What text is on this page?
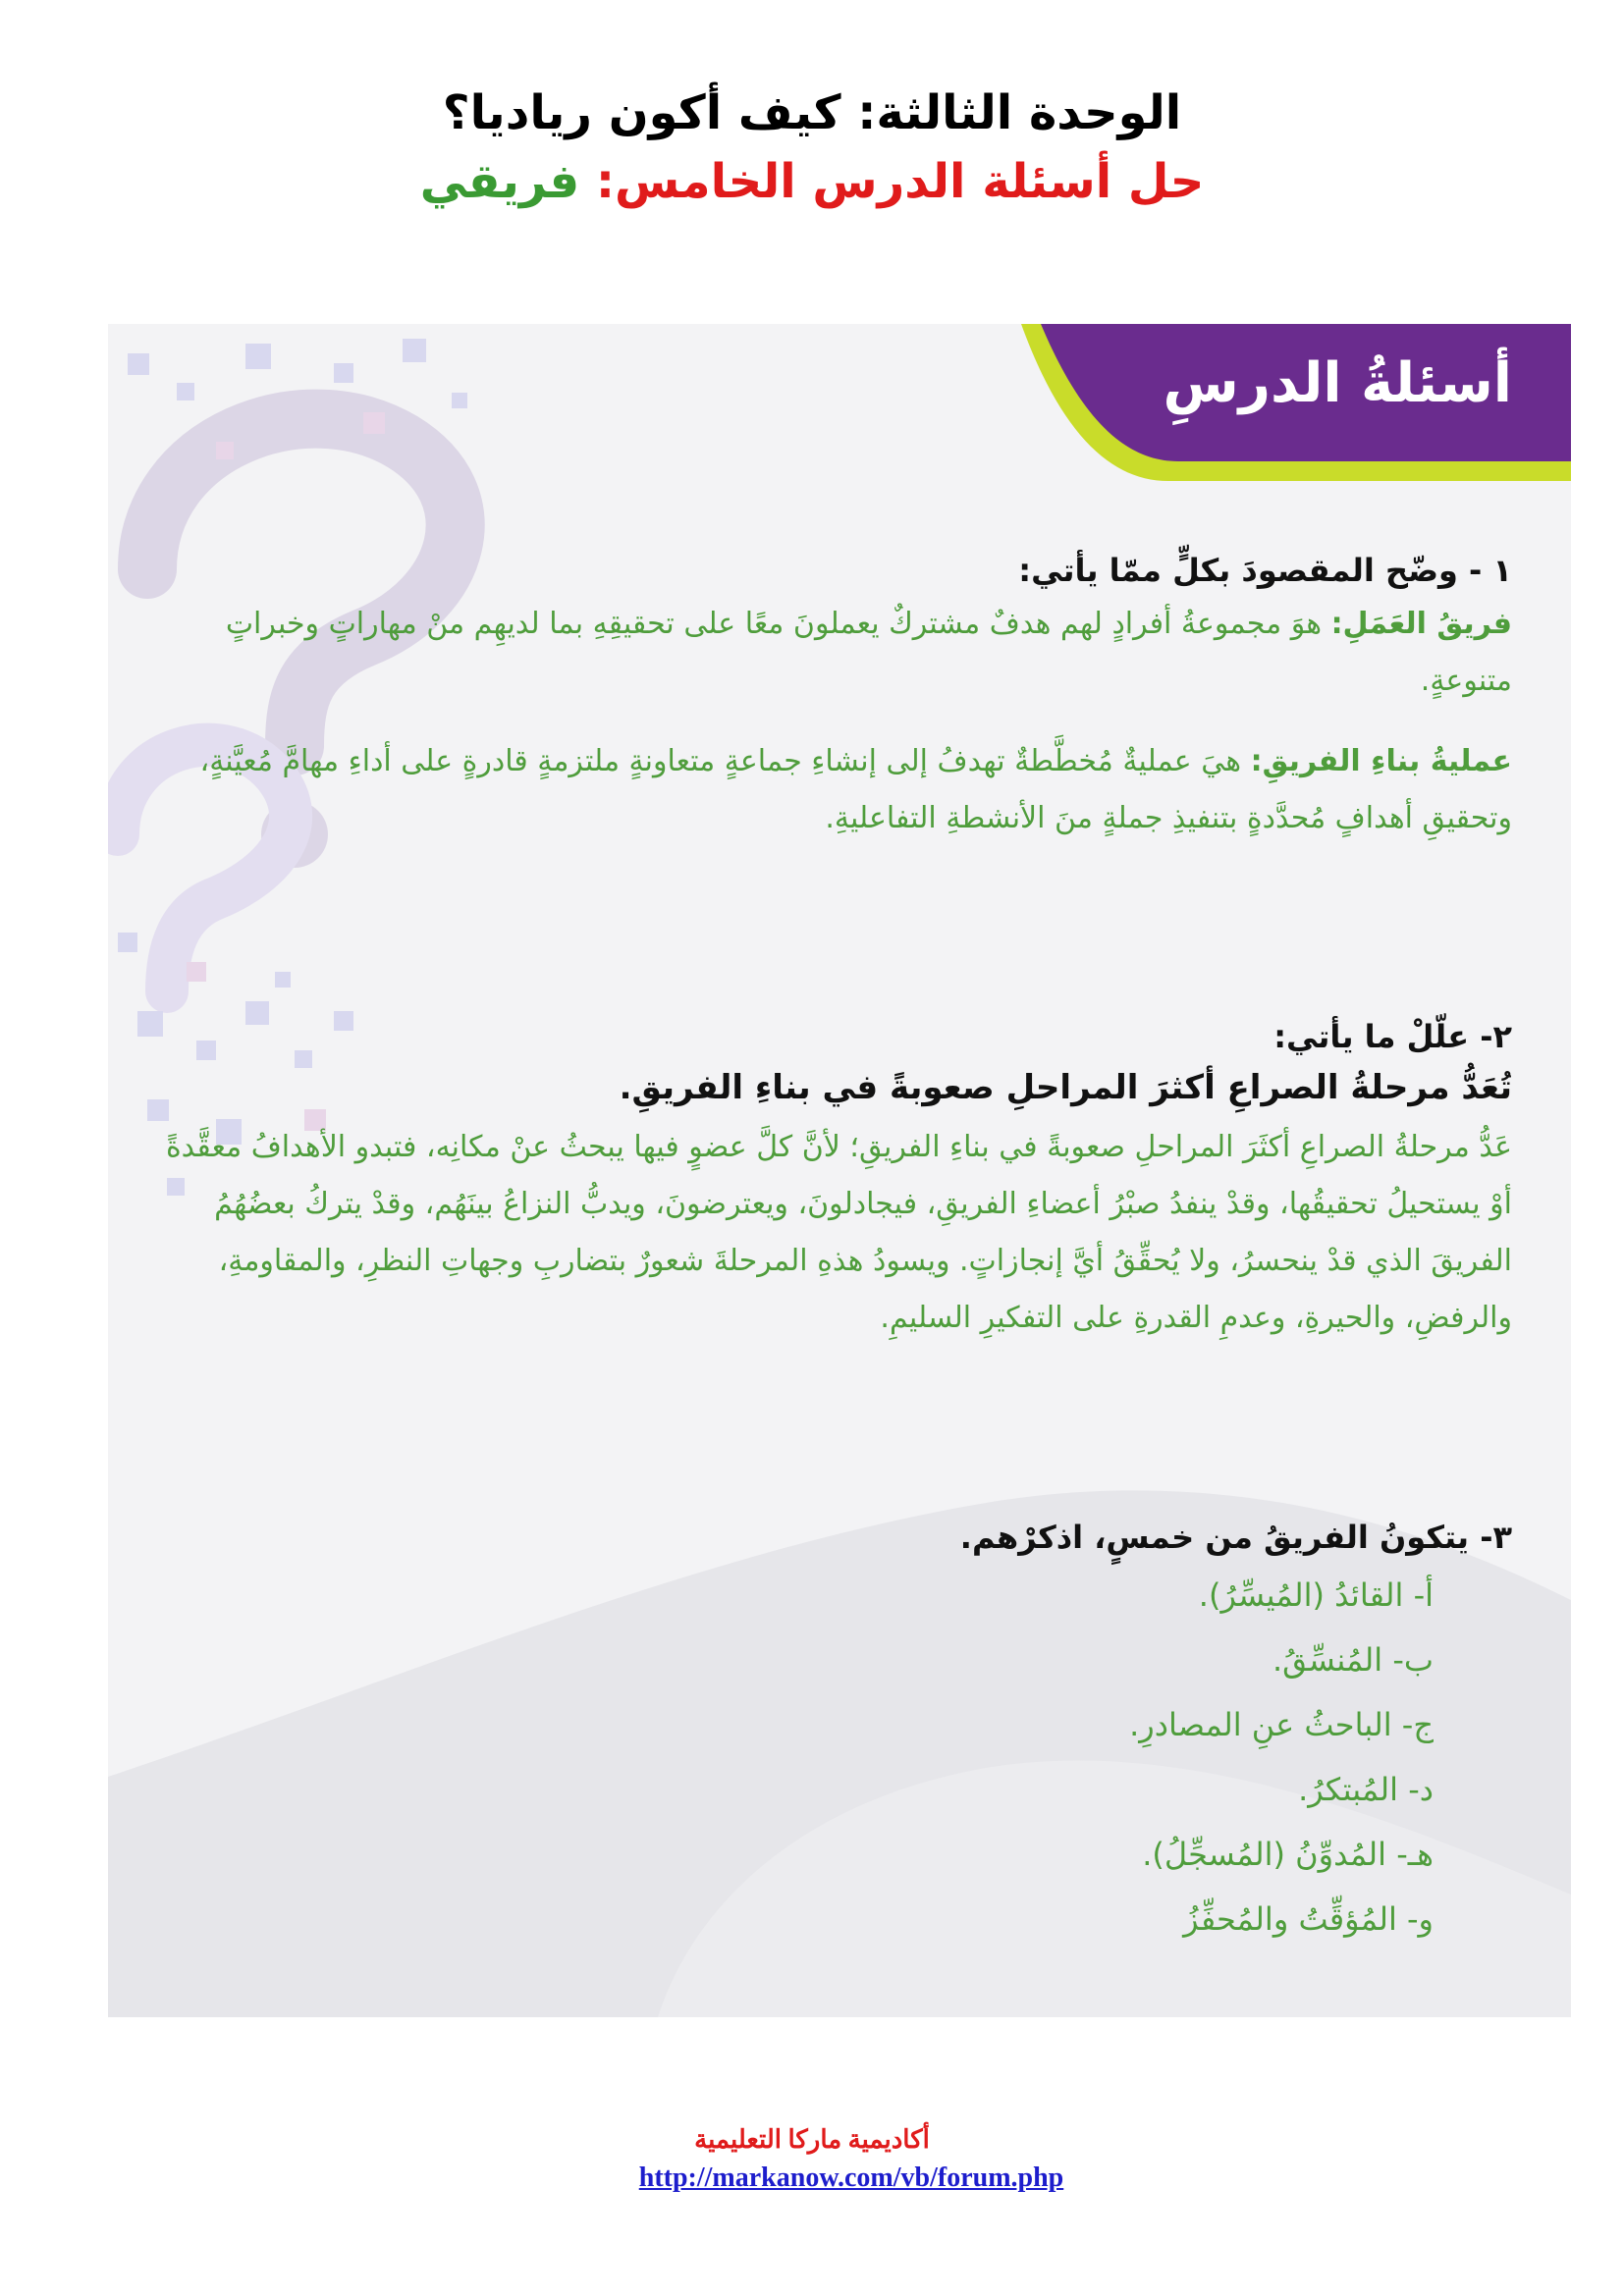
الوحدة الثالثة: كيف أكون رياديا؟
حل أسئلة الدرس الخامس: فريقي
أسئلةُ الدرسِ
١ - وضّح المقصودَ بكلٍّ ممّا يأتي:
فريقُ العَمَلِ: هوَ مجموعةُ أفرادٍ لهم هدفٌ مشتركٌ يعملونَ معًا على تحقيقِهِ بما لديهِم منْ مهاراتٍ وخبراتٍ متنوعةٍ.
عمليةُ بناءِ الفريقِ: هيَ عمليةٌ مُخطَّطةٌ تهدفُ إلى إنشاءِ جماعةٍ متعاونةٍ ملتزمةٍ قادرةٍ على أداءِ مهامَّ مُعيَّنةٍ، وتحقيقِ أهدافٍ مُحدَّدةٍ بتنفيذِ جملةٍ منَ الأنشطةِ التفاعليةِ.
٢- علّلْ ما يأتي:
تُعَدُّ مرحلةُ الصراعِ أكثرَ المراحلِ صعوبةً في بناءِ الفريقِ.
عَدُّ مرحلةُ الصراعِ أكثَرَ المراحلِ صعوبةً في بناءِ الفريقِ؛ لأنَّ كلَّ عضوٍ فيها يبحثُ عنْ مكانِه، فتبدو الأهدافُ معقَّدةً أوْ يستحيلُ تحقيقُها، وقدْ ينفدُ صبْرُ أعضاءِ الفريقِ، فيجادلونَ، ويعترضونَ، ويدبُّ النزاعُ بينَهُم، وقدْ يتركُ بعضُهُمُ الفريقَ الذي قدْ ينحسرُ، ولا يُحقِّقُ أيَّ إنجازاتٍ. ويسودُ هذهِ المرحلةَ شعورٌ بتضاربِ وجهاتِ النظرِ، والمقاومةِ، والرفضِ، والحيرةِ، وعدمِ القدرةِ على التفكيرِ السليمِ.
٣- يتكونُ الفريقُ من خمسٍ، اذكرْهم.
أ- القائدُ (المُيسِّرُ).
ب- المُنسِّقُ.
ج- الباحثُ عنِ المصادرِ.
د- المُبتكرُ.
هـ- المُدوِّنُ (المُسجِّلُ).
و- المُؤقِّتُ والمُحفِّزُ
أكاديمية ماركا التعليمية
http://markanow.com/vb/forum.php
